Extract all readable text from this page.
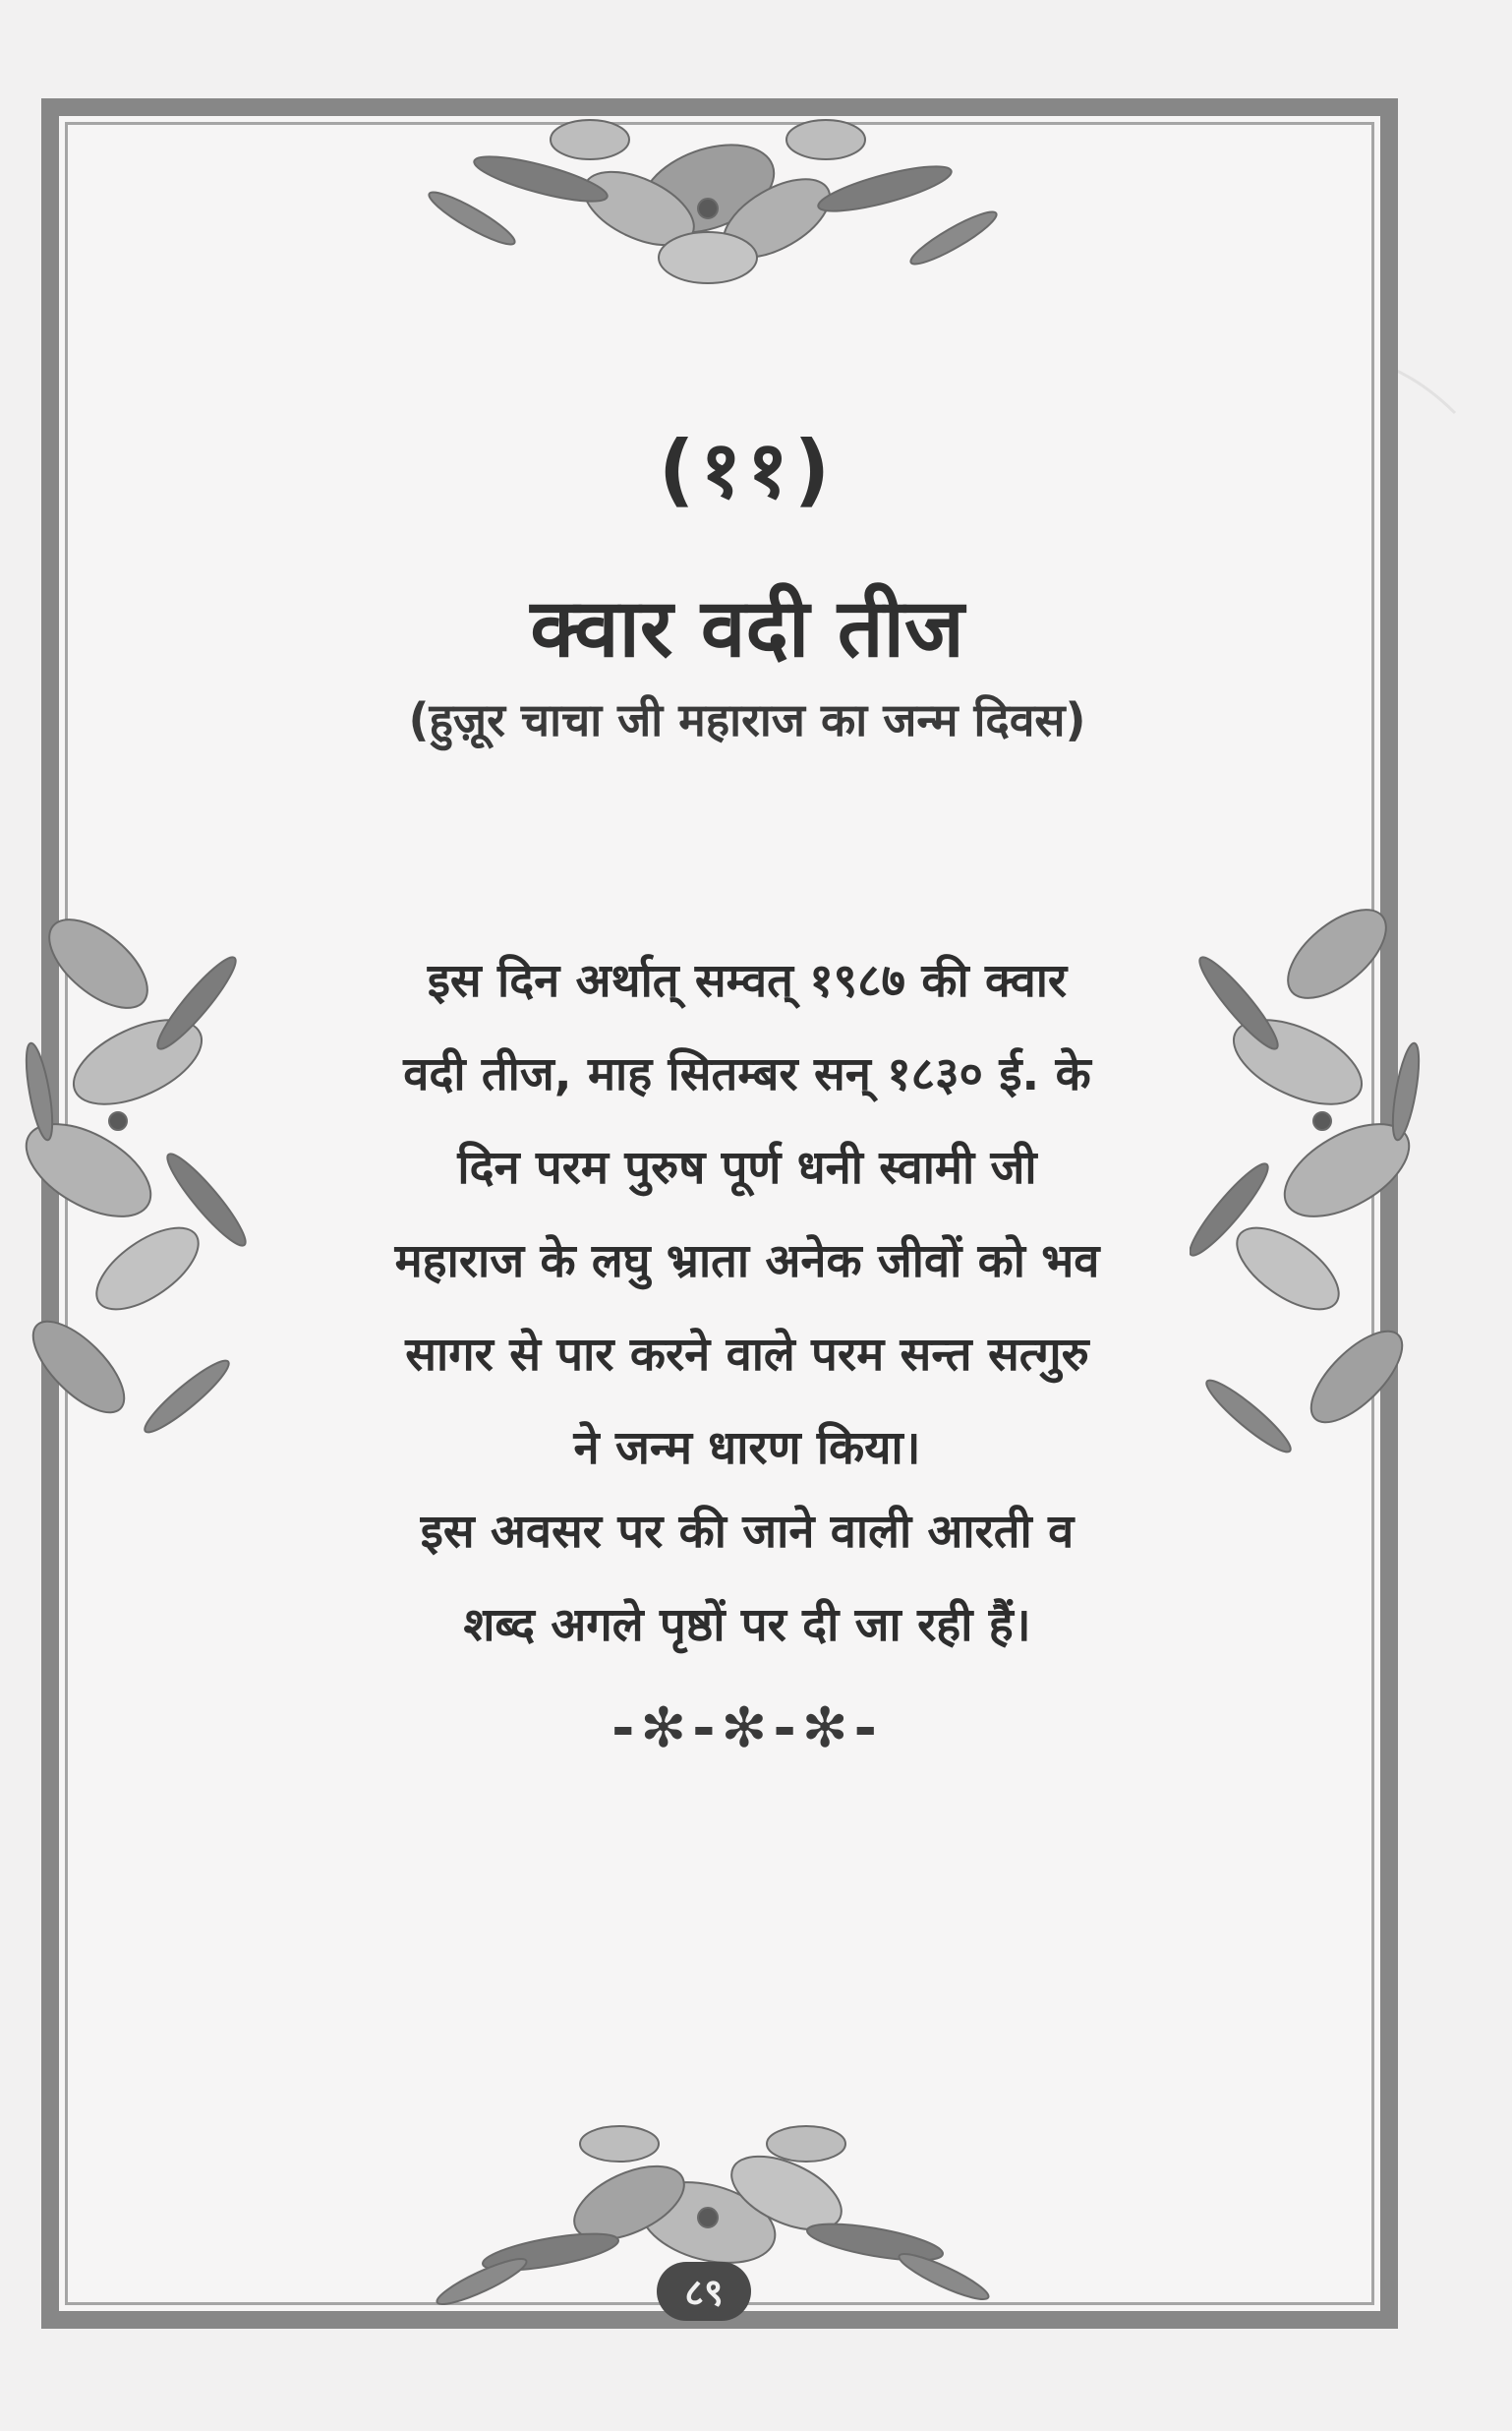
(११)
क्वार वदी तीज
(हुज़ूर चाचा जी महाराज का जन्म दिवस)
इस दिन अर्थात् सम्वत् १९८७ की क्वार
वदी तीज, माह सितम्बर सन् १८३० ई. के
दिन परम पुरुष पूर्ण धनी स्वामी जी
महाराज के लघु भ्राता अनेक जीवों को भव
सागर से पार करने वाले परम सन्त सत्गुरु
ने जन्म धारण किया।
इस अवसर पर की जाने वाली आरती व
शब्द अगले पृष्ठों पर दी जा रही हैं।
-✻-✻-✻-
८९
